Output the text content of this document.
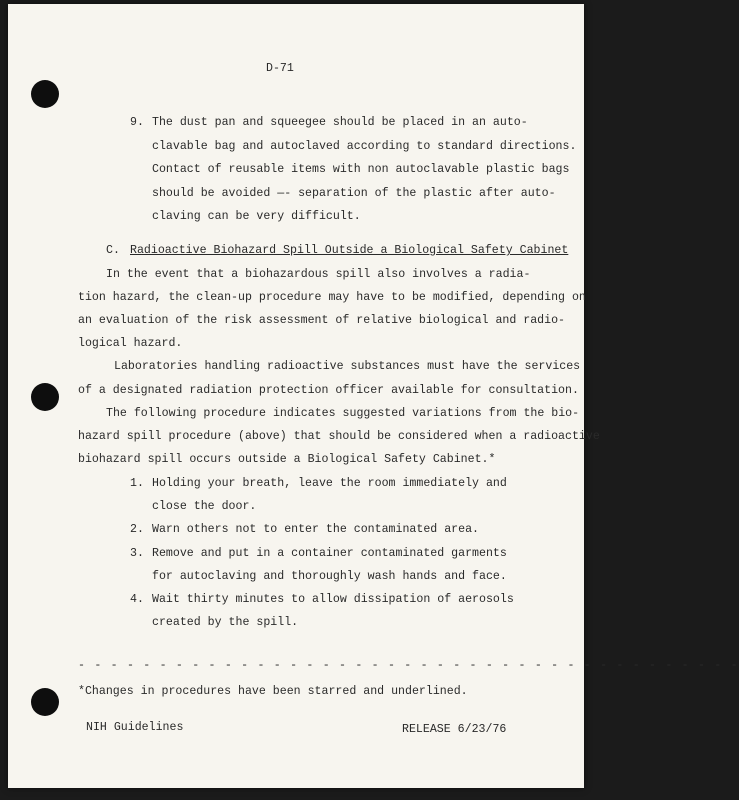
D-71

9. The dust pan and squeegee should be placed in an auto-

clavable bag and autoclaved according to standard directions.

Contact of reusable items with non autoclavable plastic bags

should be avoided —- separation of the plastic after auto-

claving can be very difficult.

C. Radioactive Biohazard Spill Outside a Biological Safety Cabinet

In the event that a biohazardous spill also involves a radia-

tion hazard, the clean-up procedure may have to be modified, depending on

an evaluation of the risk assessment of relative biological and radio-

logical hazard.

Laboratories handling radioactive substances must have the services

of a designated radiation protection officer available for consultation.

The following procedure indicates suggested variations from the bio-

hazard spill procedure (above) that should be considered when a radioactive

biohazard spill occurs outside a Biological Safety Cabinet.*

1. Holding your breath, leave the room immediately and

close the door.

2. Warn others not to enter the contaminated area.

3. Remove and put in a container contaminated garments

for autoclaving and thoroughly wash hands and face.

4. Wait thirty minutes to allow dissipation of aerosols

created by the spill.

- - - - - - - - - - - - - - - - - - - - - - - - - - - - - - - - - - - - - - - - -

*Changes in procedures have been starred and underlined.

NIH Guidelines	RELEASE 6/23/76
